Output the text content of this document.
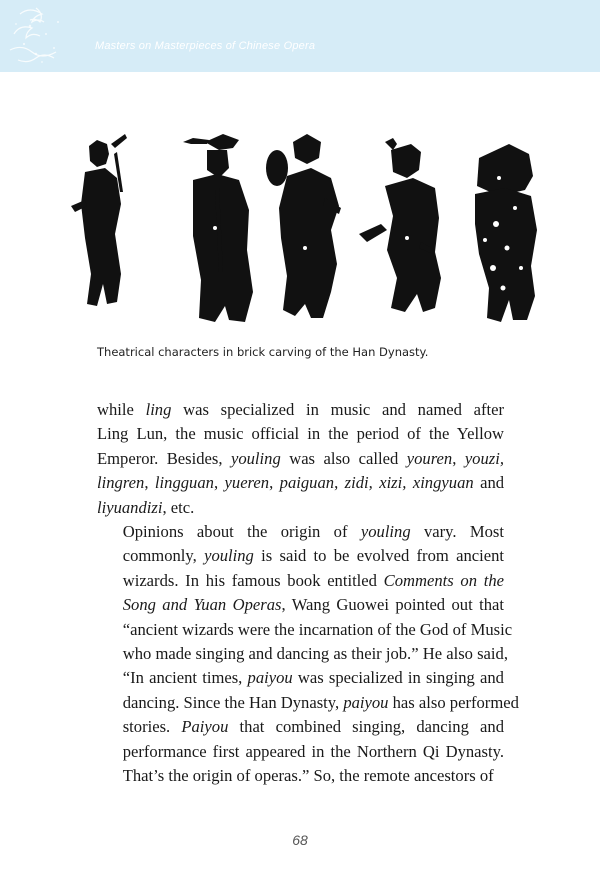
Masters on Masterpieces of Chinese Opera
Theatrical characters in brick carving of the Han Dynasty.

while ling was specialized in music and named after
Ling Lun, the music official in the period of the Yellow
Emperor. Besides, youling was also called youren, youzi,
lingren, lingguan, yueren, paiguan, zidi, xizi, xingyuan and
liyuandizi, etc.

Opinions about the origin of youling vary. Most
commonly, youling is said to be evolved from ancient
wizards. In his famous book entitled Comments on the
Song and Yuan Operas, Wang Guowei pointed out that
“ancient wizards were the incarnation of the God of Music
who made singing and dancing as their job.” He also said,
“In ancient times, paiyou was specialized in singing and
dancing. Since the Han Dynasty, paiyou has also performed
stories. Paiyou that combined singing, dancing and
performance first appeared in the Northern Qi Dynasty.
That’s the origin of operas.” So, the remote ancestors of

68
